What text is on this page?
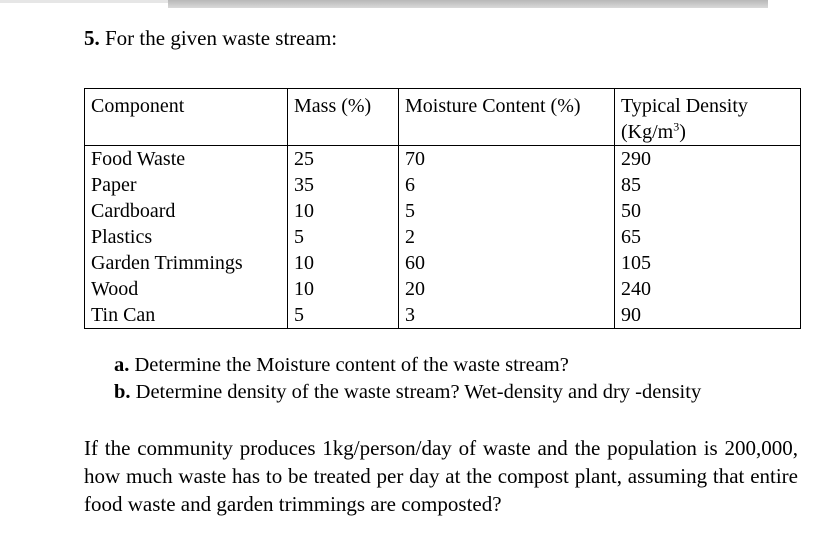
5. For the given waste stream:
Component	Mass (%)	Moisture Content (%)	Typical Density
$(Kg/m^3)$
Food Waste	25	70	290
Paper	35	6	85
Cardboard	10	5	50
Plastics	5	2	65
Garden Trimmings	10	60	105
Wood	10	20	240
Tin Can	5	3	90
a. Determine the Moisture content of the waste stream?
b. Determine density of the waste stream? Wet-density and dry -density
If the community produces 1kg/person/day of waste and the population is 200,000, how much waste has to be treated per day at the compost plant, assuming that entire food waste and garden trimmings are composted?
